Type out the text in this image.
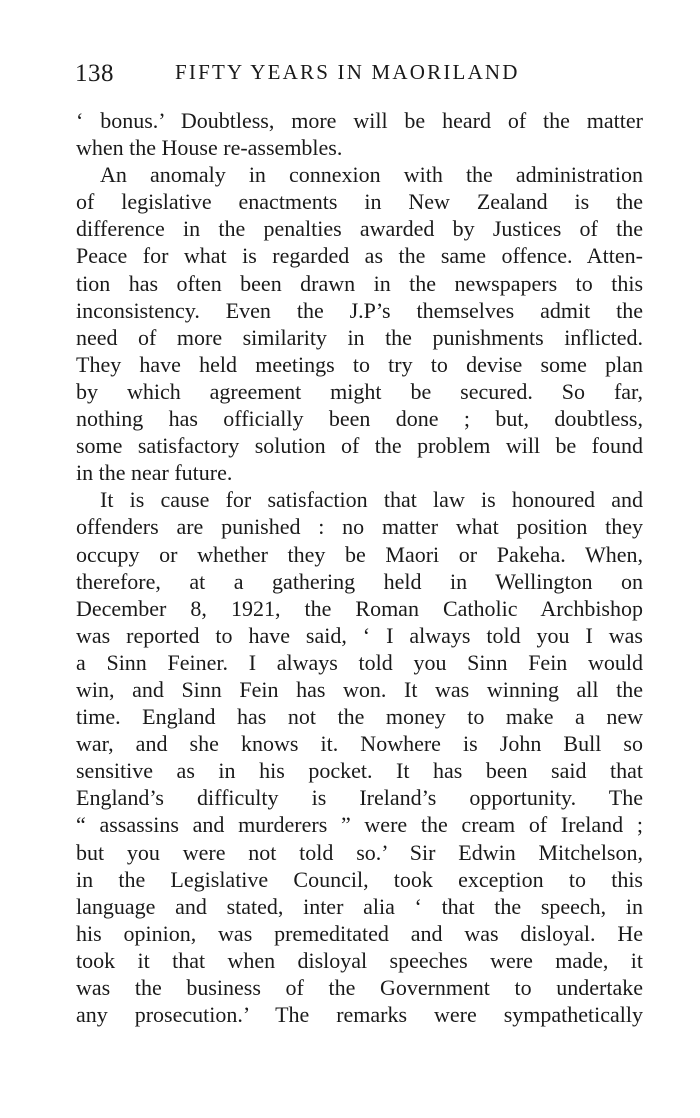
138	FIFTY YEARS IN MAORILAND
‘ bonus.’ Doubtless, more will be heard of the matter
when the House re-assembles.
An anomaly in connexion with the administration
of legislative enactments in New Zealand is the
difference in the penalties awarded by Justices of the
Peace for what is regarded as the same offence. Atten-
tion has often been drawn in the newspapers to this
inconsistency. Even the J.P’s themselves admit the
need of more similarity in the punishments inflicted.
They have held meetings to try to devise some plan
by which agreement might be secured. So far,
nothing has officially been done ; but, doubtless,
some satisfactory solution of the problem will be found
in the near future.
It is cause for satisfaction that law is honoured and
offenders are punished : no matter what position they
occupy or whether they be Maori or Pakeha. When,
therefore, at a gathering held in Wellington on
December 8, 1921, the Roman Catholic Archbishop
was reported to have said, ‘ I always told you I was
a Sinn Feiner. I always told you Sinn Fein would
win, and Sinn Fein has won. It was winning all the
time. England has not the money to make a new
war, and she knows it. Nowhere is John Bull so
sensitive as in his pocket. It has been said that
England’s difficulty is Ireland’s opportunity. The
“ assassins and murderers ” were the cream of Ireland ;
but you were not told so.’ Sir Edwin Mitchelson,
in the Legislative Council, took exception to this
language and stated, inter alia ‘ that the speech, in
his opinion, was premeditated and was disloyal. He
took it that when disloyal speeches were made, it
was the business of the Government to undertake
any prosecution.’ The remarks were sympathetically
